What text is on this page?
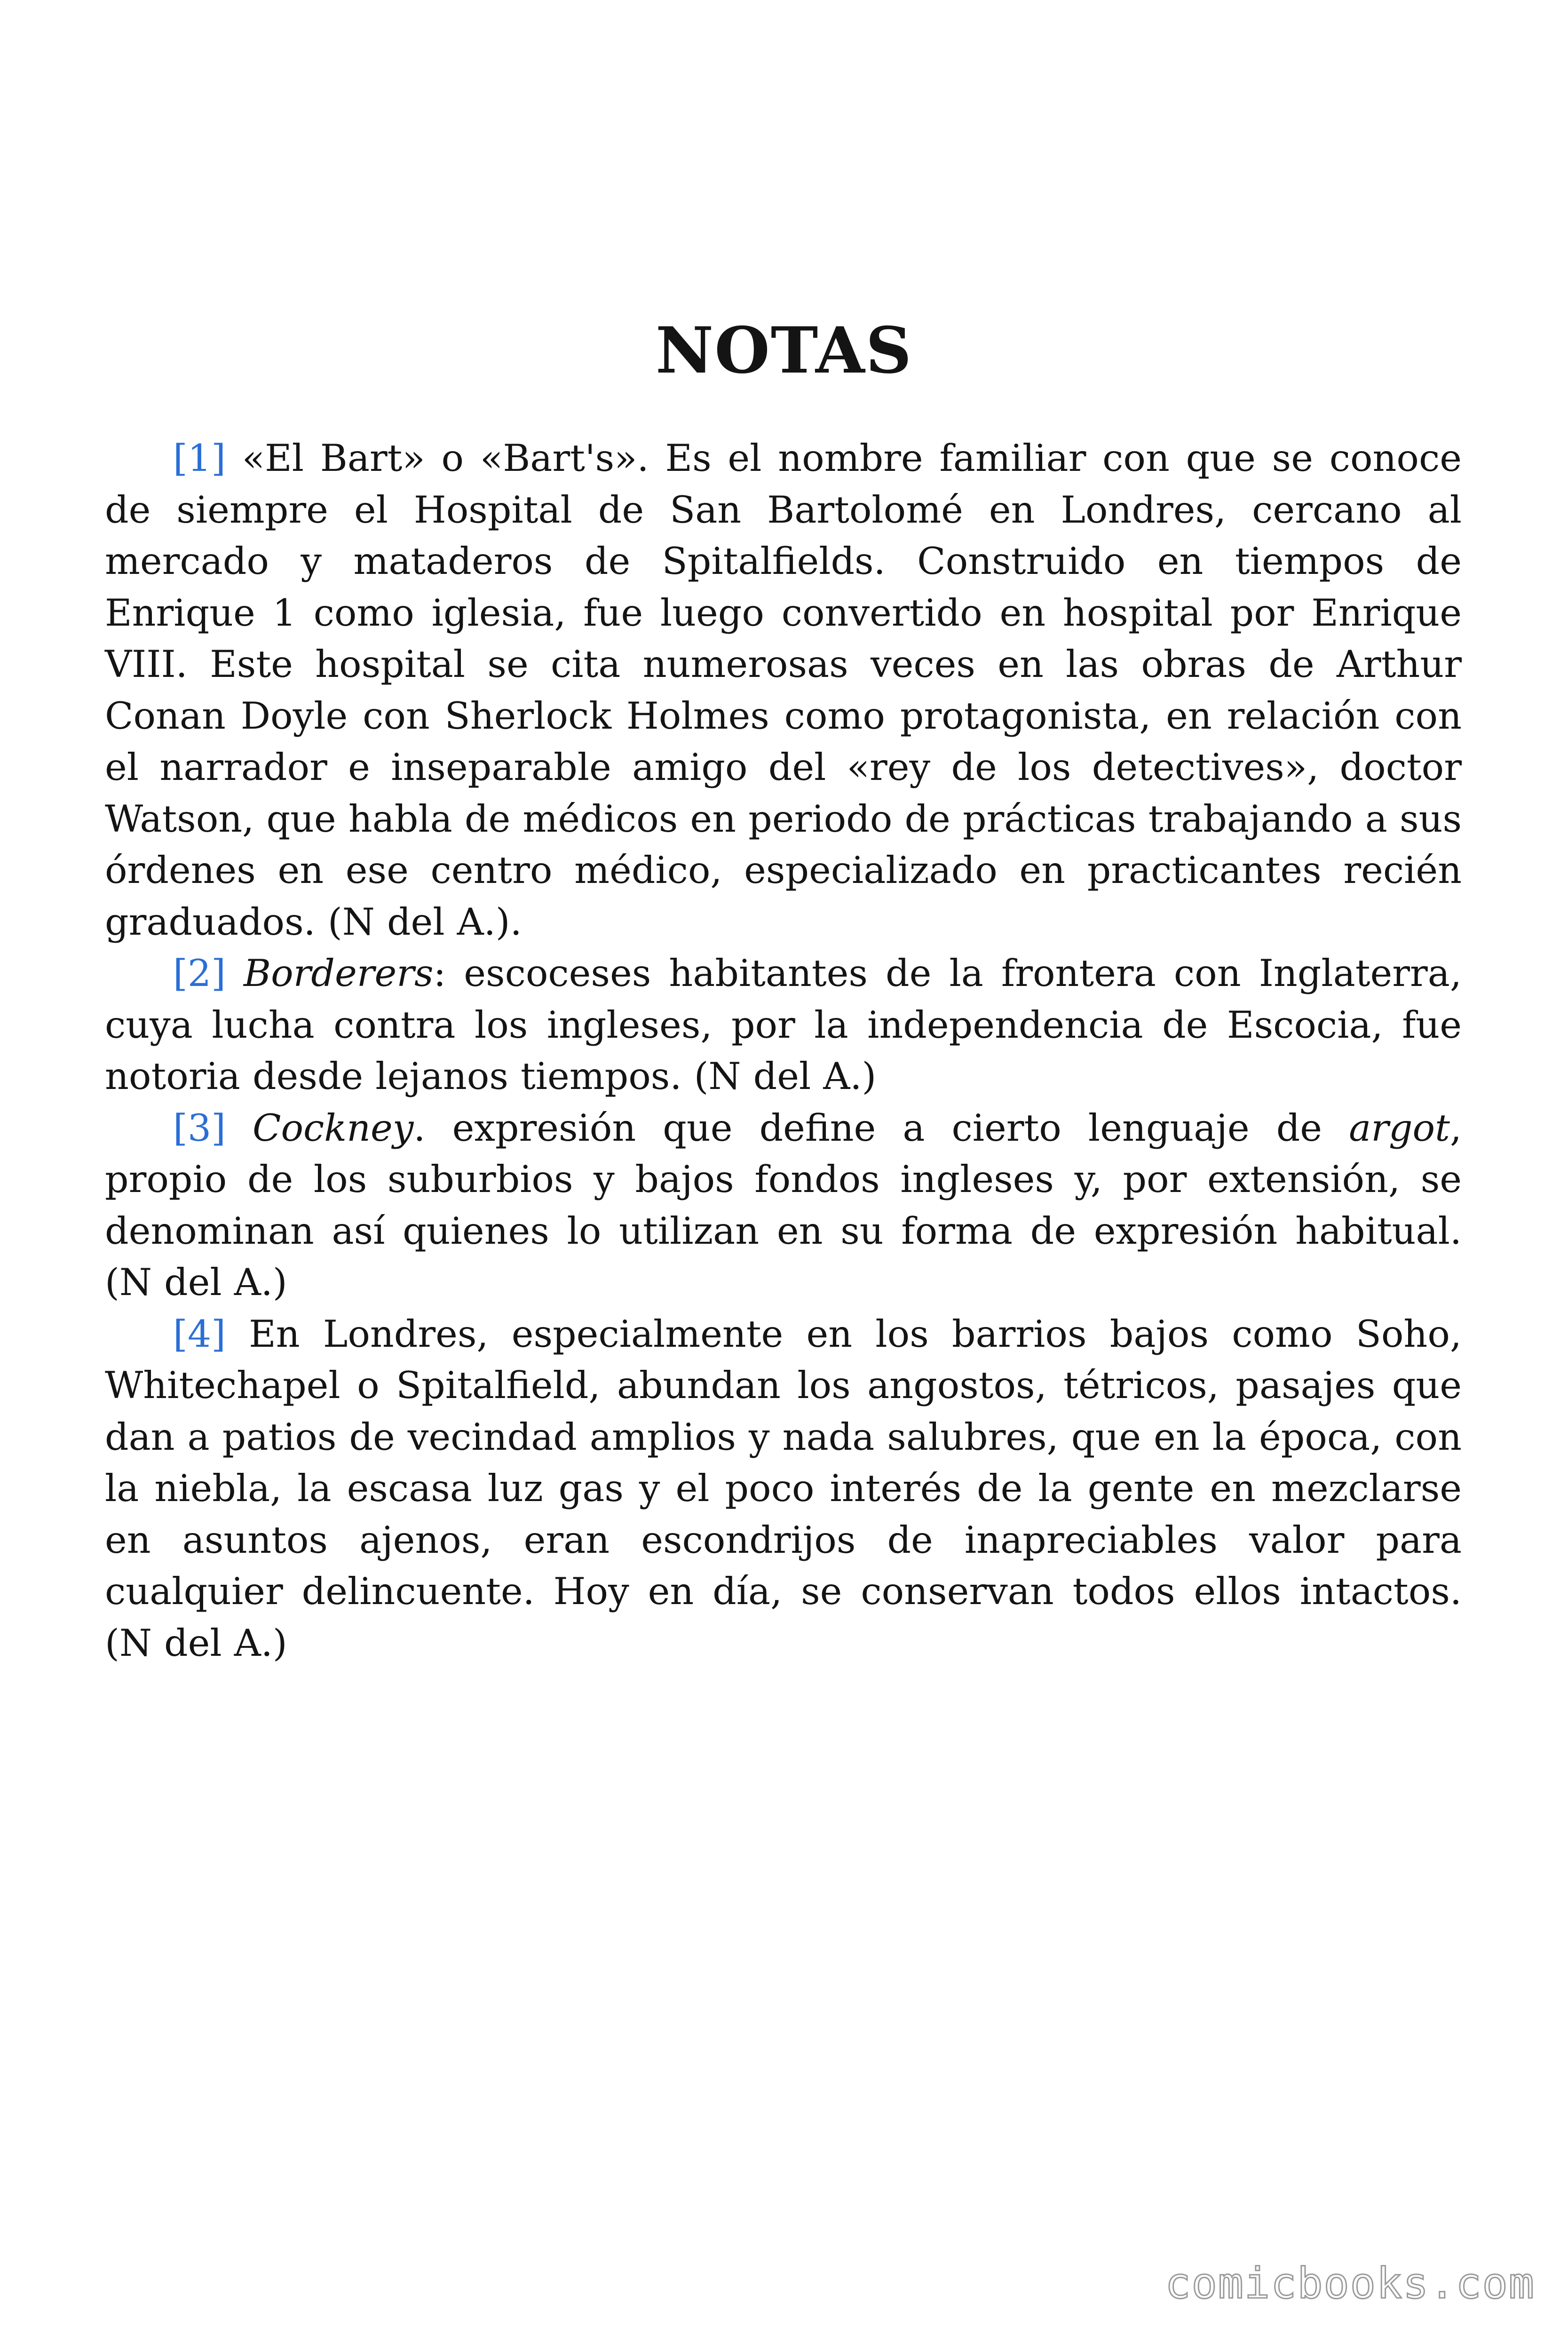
NOTAS

[1] «El Bart» o «Bart's». Es el nombre familiar con que se conoce de siempre el Hospital de San Bartolomé en Londres, cercano al mercado y mataderos de Spitalfields. Construido en tiempos de Enrique 1 como iglesia, fue luego convertido en hospital por Enrique VIII. Este hospital se cita numerosas veces en las obras de Arthur Conan Doyle con Sherlock Holmes como protagonista, en relación con el narrador e inseparable amigo del «rey de los detectives», doctor Watson, que habla de médicos en periodo de prácticas trabajando a sus órdenes en ese centro médico, especializado en practicantes recién graduados. (N del A.).

[2] Borderers: escoceses habitantes de la frontera con Inglaterra, cuya lucha contra los ingleses, por la independencia de Escocia, fue notoria desde lejanos tiempos. (N del A.)

[3] Cockney. expresión que define a cierto lenguaje de argot, propio de los suburbios y bajos fondos ingleses y, por extensión, se denominan así quienes lo utilizan en su forma de expresión habitual. (N del A.)

[4] En Londres, especialmente en los barrios bajos como Soho, Whitechapel o Spitalfield, abundan los angostos, tétricos, pasajes que dan a patios de vecindad amplios y nada salubres, que en la época, con la niebla, la escasa luz gas y el poco interés de la gente en mezclarse en asuntos ajenos, eran escondrijos de inapreciables valor para cualquier delincuente. Hoy en día, se conservan todos ellos intactos. (N del A.)

comicbooks.com
